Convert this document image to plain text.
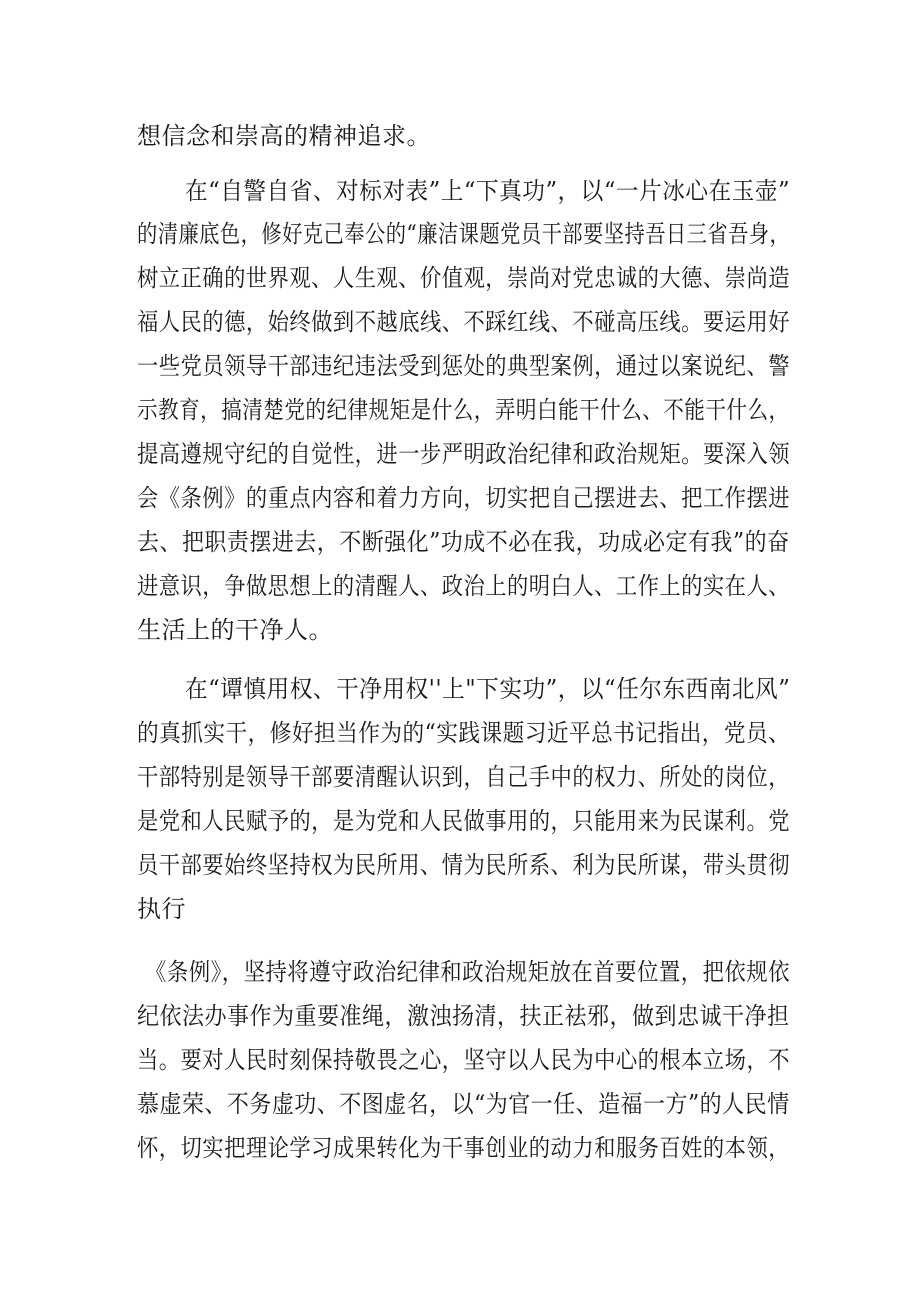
想信念和崇高的精神追求。
在“自警自省、对标对表”上“下真功”，以“一片冰心在玉壶”
的清廉底色，修好克己奉公的“廉洁课题党员干部要坚持吾日三省吾身，
树立正确的世界观、人生观、价值观，崇尚对党忠诚的大德、崇尚造
福人民的德，始终做到不越底线、不踩红线、不碰高压线。要运用好
一些党员领导干部违纪违法受到惩处的典型案例，通过以案说纪、警
示教育，搞清楚党的纪律规矩是什么，弄明白能干什么、不能干什么，
提高遵规守纪的自觉性，进一步严明政治纪律和政治规矩。要深入领
会《条例》的重点内容和着力方向，切实把自己摆进去、把工作摆进
去、把职责摆进去，不断强化”功成不必在我，功成必定有我”的奋
进意识，争做思想上的清醒人、政治上的明白人、工作上的实在人、
生活上的干净人。
在“谭慎用权、干净用权''上"下实功”，以“任尔东西南北风”
的真抓实干，修好担当作为的“实践课题习近平总书记指出，党员、
干部特别是领导干部要清醒认识到，自己手中的权力、所处的岗位，
是党和人民赋予的，是为党和人民做事用的，只能用来为民谋利。党
员干部要始终坚持权为民所用、情为民所系、利为民所谋，带头贯彻
执行
《条例》，坚持将遵守政治纪律和政治规矩放在首要位置，把依规依
纪依法办事作为重要准绳，激浊扬清，扶正祛邪，做到忠诚干净担
当。要对人民时刻保持敬畏之心，坚守以人民为中心的根本立场，不
慕虚荣、不务虚功、不图虚名，以“为官一任、造福一方”的人民情
怀，切实把理论学习成果转化为干事创业的动力和服务百姓的本领，
